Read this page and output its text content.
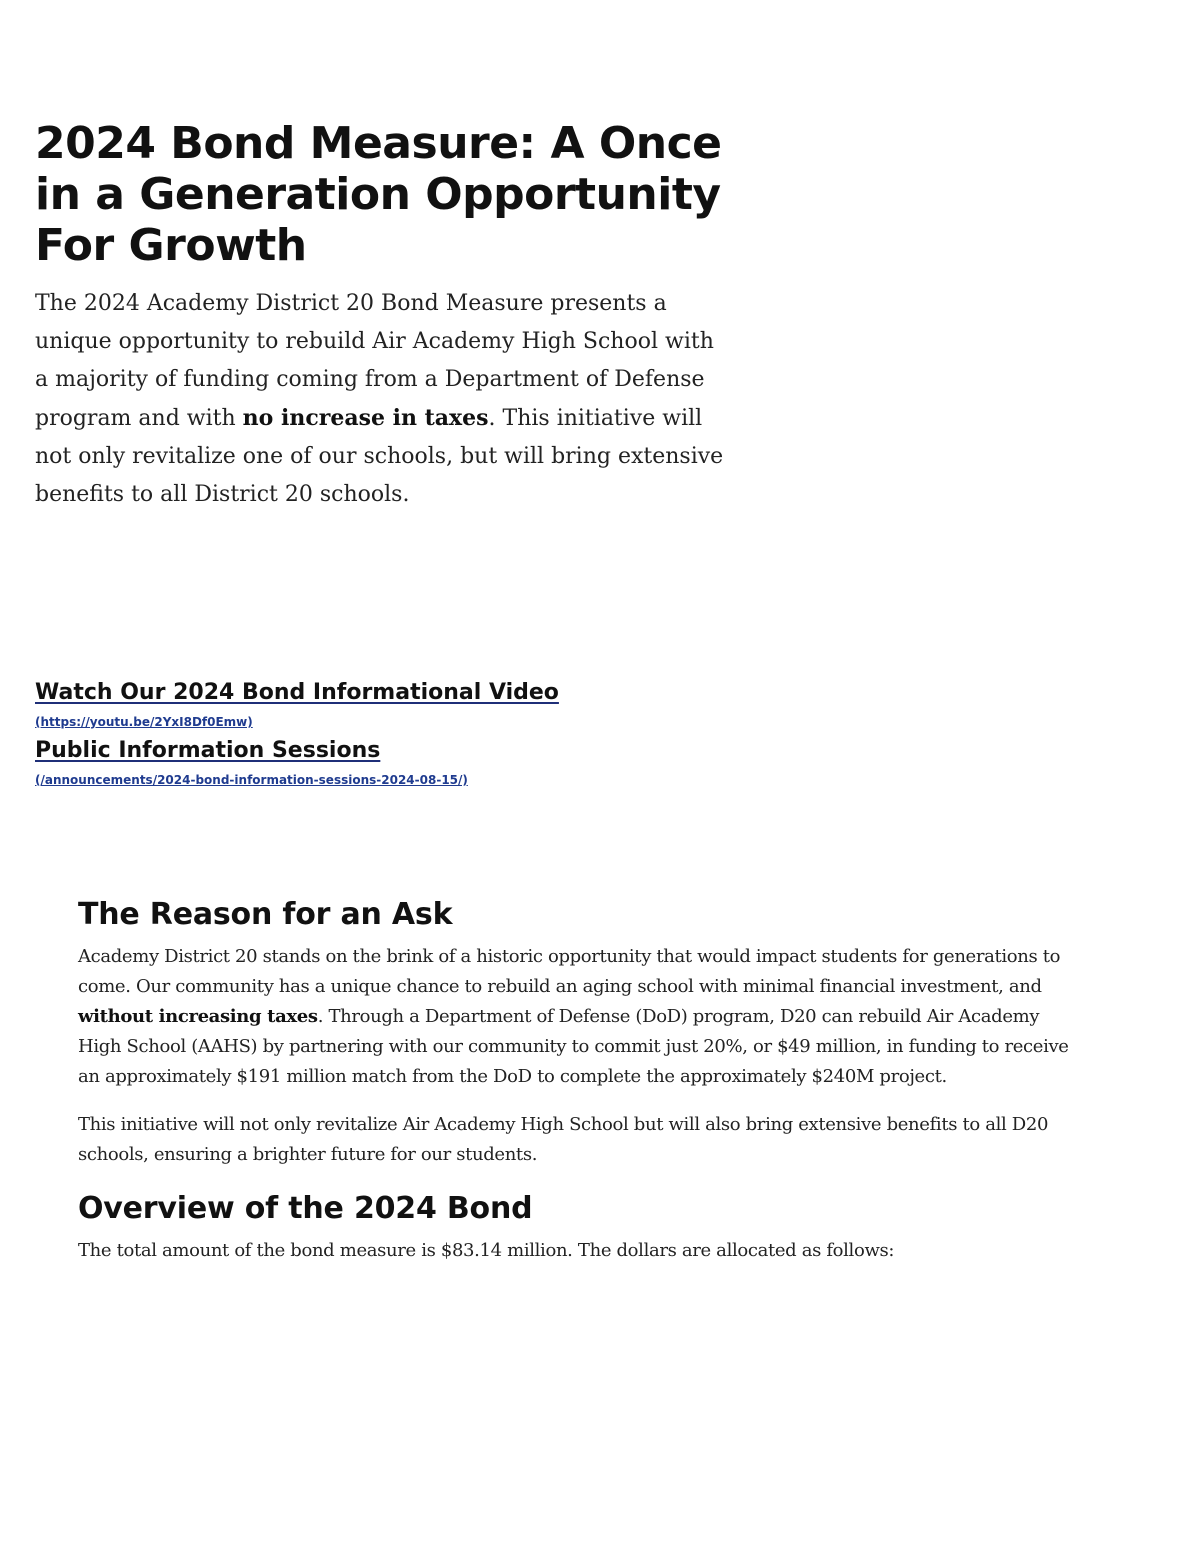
2024 Bond Measure: A Once in a Generation Opportunity For Growth

The 2024 Academy District 20 Bond Measure presents a unique opportunity to rebuild Air Academy High School with a majority of funding coming from a Department of Defense program and with no increase in taxes. This initiative will not only revitalize one of our schools, but will bring extensive benefits to all District 20 schools.

Watch Our 2024 Bond Informational Video
(https://youtu.be/2YxI8Df0Emw)
Public Information Sessions
(/announcements/2024-bond-information-sessions-2024-08-15/)
The Reason for an Ask

Academy District 20 stands on the brink of a historic opportunity that would impact students for generations to come. Our community has a unique chance to rebuild an aging school with minimal financial investment, and without increasing taxes. Through a Department of Defense (DoD) program, D20 can rebuild Air Academy High School (AAHS) by partnering with our community to commit just 20%, or $49 million, in funding to receive an approximately $191 million match from the DoD to complete the approximately $240M project.

This initiative will not only revitalize Air Academy High School but will also bring extensive benefits to all D20 schools, ensuring a brighter future for our students.

Overview of the 2024 Bond

The total amount of the bond measure is $83.14 million. The dollars are allocated as follows:
